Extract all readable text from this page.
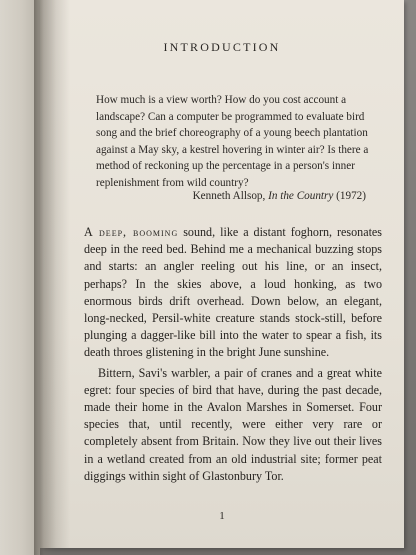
INTRODUCTION
How much is a view worth? How do you cost account a landscape? Can a computer be programmed to evaluate bird song and the brief choreography of a young beech plantation against a May sky, a kestrel hovering in winter air? Is there a method of reckoning up the percentage in a person's inner replenishment from wild country?
Kenneth Allsop, In the Country (1972)

A deep, booming sound, like a distant foghorn, resonates deep in the reed bed. Behind me a mechanical buzzing stops and starts: an angler reeling out his line, or an insect, perhaps? In the skies above, a loud honking, as two enormous birds drift overhead. Down below, an elegant, long-necked, Persil-white creature stands stock-still, before plunging a dagger-like bill into the water to spear a fish, its death throes glistening in the bright June sunshine.

Bittern, Savi's warbler, a pair of cranes and a great white egret: four species of bird that have, during the past decade, made their home in the Avalon Marshes in Somerset. Four species that, until recently, were either very rare or completely absent from Britain. Now they live out their lives in a wetland created from an old industrial site; former peat diggings within sight of Glastonbury Tor.

1
